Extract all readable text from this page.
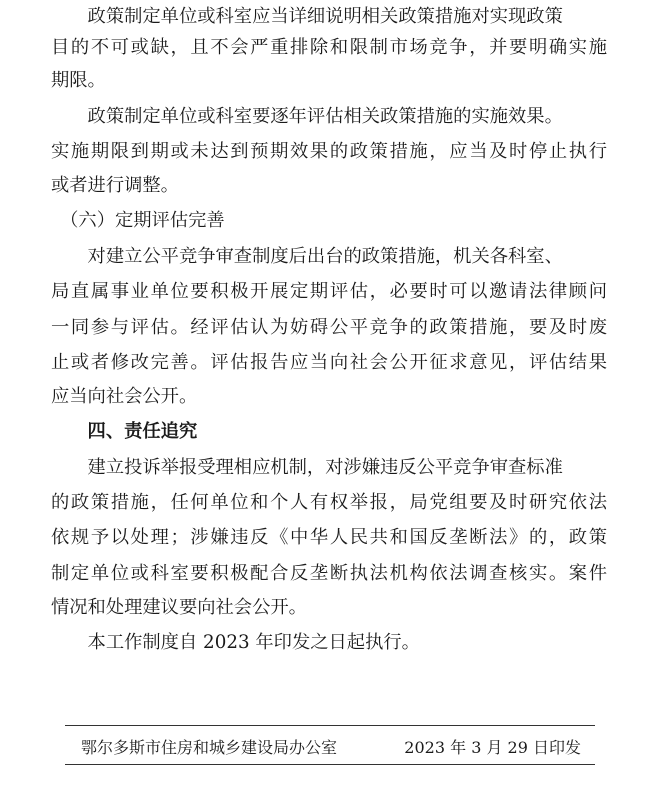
　　政策制定单位或科室应当详细说明相关政策措施对实现政策
目的不可或缺，且不会严重排除和限制市场竞争，并要明确实施
期限。
　　政策制定单位或科室要逐年评估相关政策措施的实施效果。
实施期限到期或未达到预期效果的政策措施，应当及时停止执行
或者进行调整。
　（六）定期评估完善
　　对建立公平竞争审查制度后出台的政策措施，机关各科室、
局直属事业单位要积极开展定期评估，必要时可以邀请法律顾问
一同参与评估。经评估认为妨碍公平竞争的政策措施，要及时废
止或者修改完善。评估报告应当向社会公开征求意见，评估结果
应当向社会公开。
　　四、责任追究
　　建立投诉举报受理相应机制，对涉嫌违反公平竞争审查标准
的政策措施，任何单位和个人有权举报，局党组要及时研究依法
依规予以处理；涉嫌违反《中华人民共和国反垄断法》的，政策
制定单位或科室要积极配合反垄断执法机构依法调查核实。案件
情况和处理建议要向社会公开。
　　本工作制度自 2023 年印发之日起执行。
鄂尔多斯市住房和城乡建设局办公室	2023 年 3 月 29 日印发
